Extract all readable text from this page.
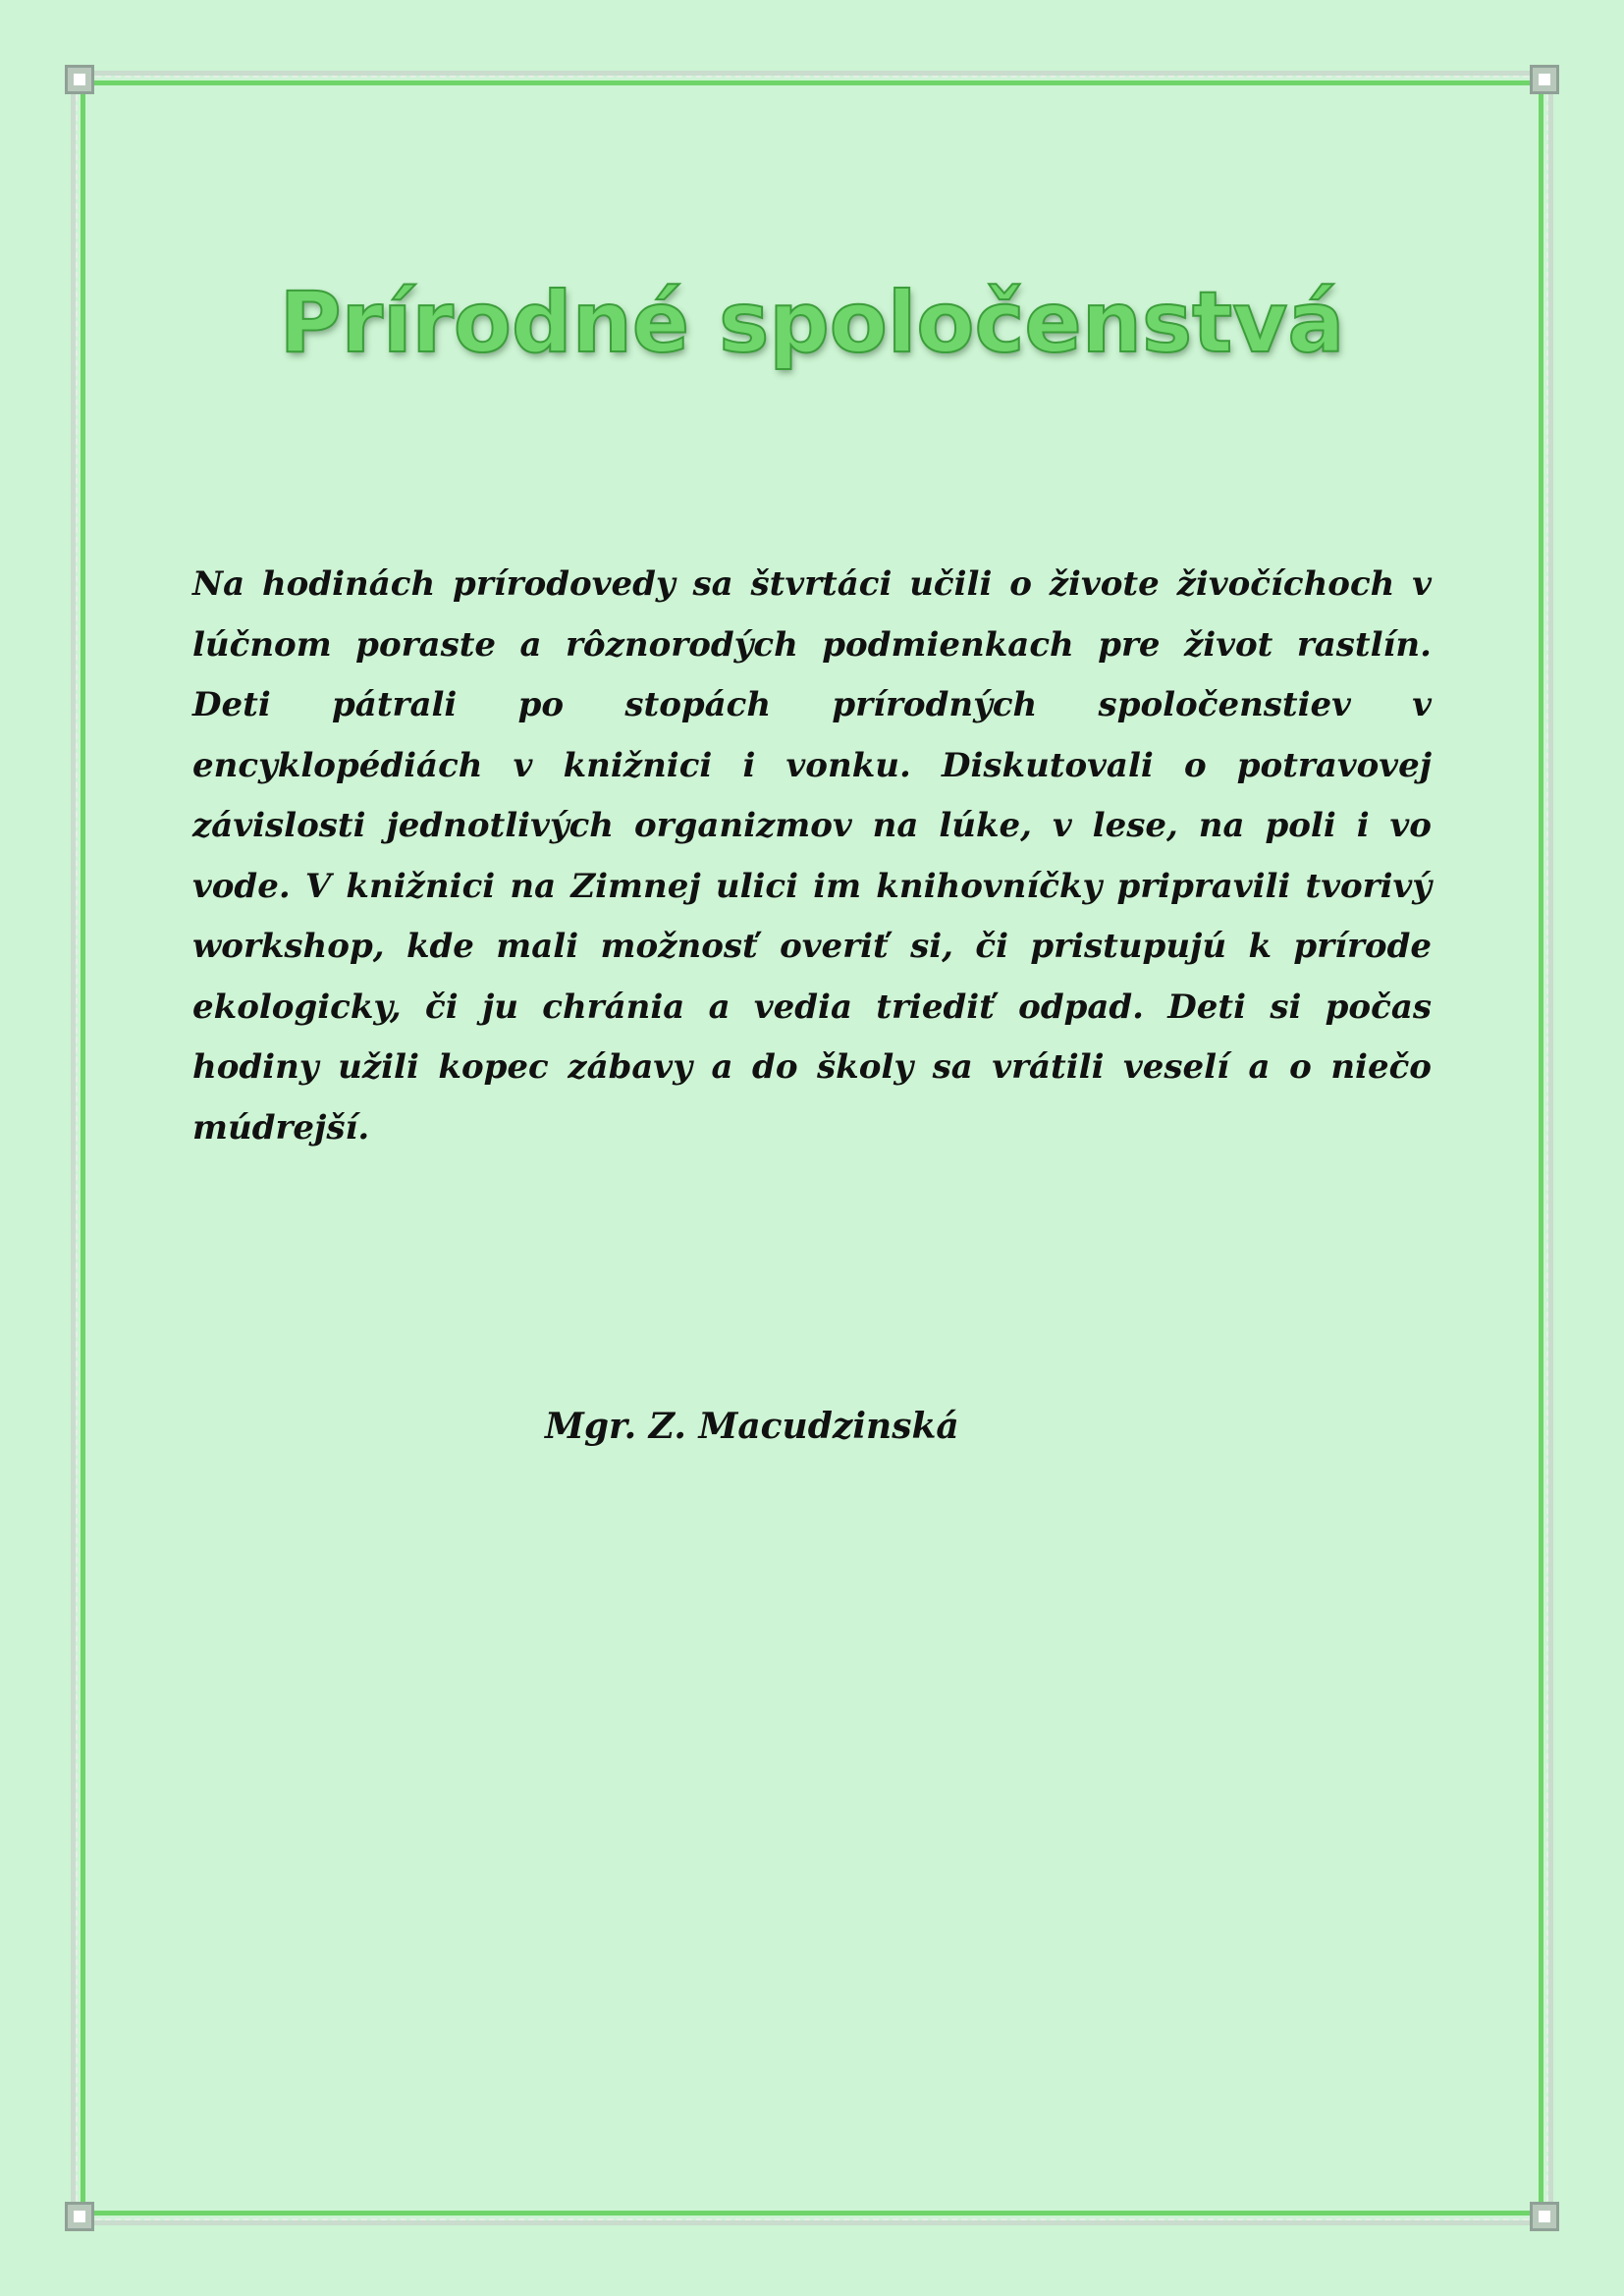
Prírodné spoločenstvá

Na hodinách prírodovedy sa štvrtáci učili o živote živočíchoch v lúčnom poraste a rôznorodých podmienkach pre život rastlín. Deti pátrali po stopách prírodných spoločenstiev v encyklopédiách v knižnici i vonku. Diskutovali o potravovej závislosti jednotlivých organizmov na lúke, v lese, na poli i vo vode. V knižnici na Zimnej ulici im knihovníčky pripravili tvorivý workshop, kde mali možnosť overiť si, či pristupujú k prírode ekologicky, či ju chránia a vedia triediť odpad. Deti si počas hodiny užili kopec zábavy a do školy sa vrátili veselí a o niečo múdrejší.

Mgr. Z. Macudzinská
